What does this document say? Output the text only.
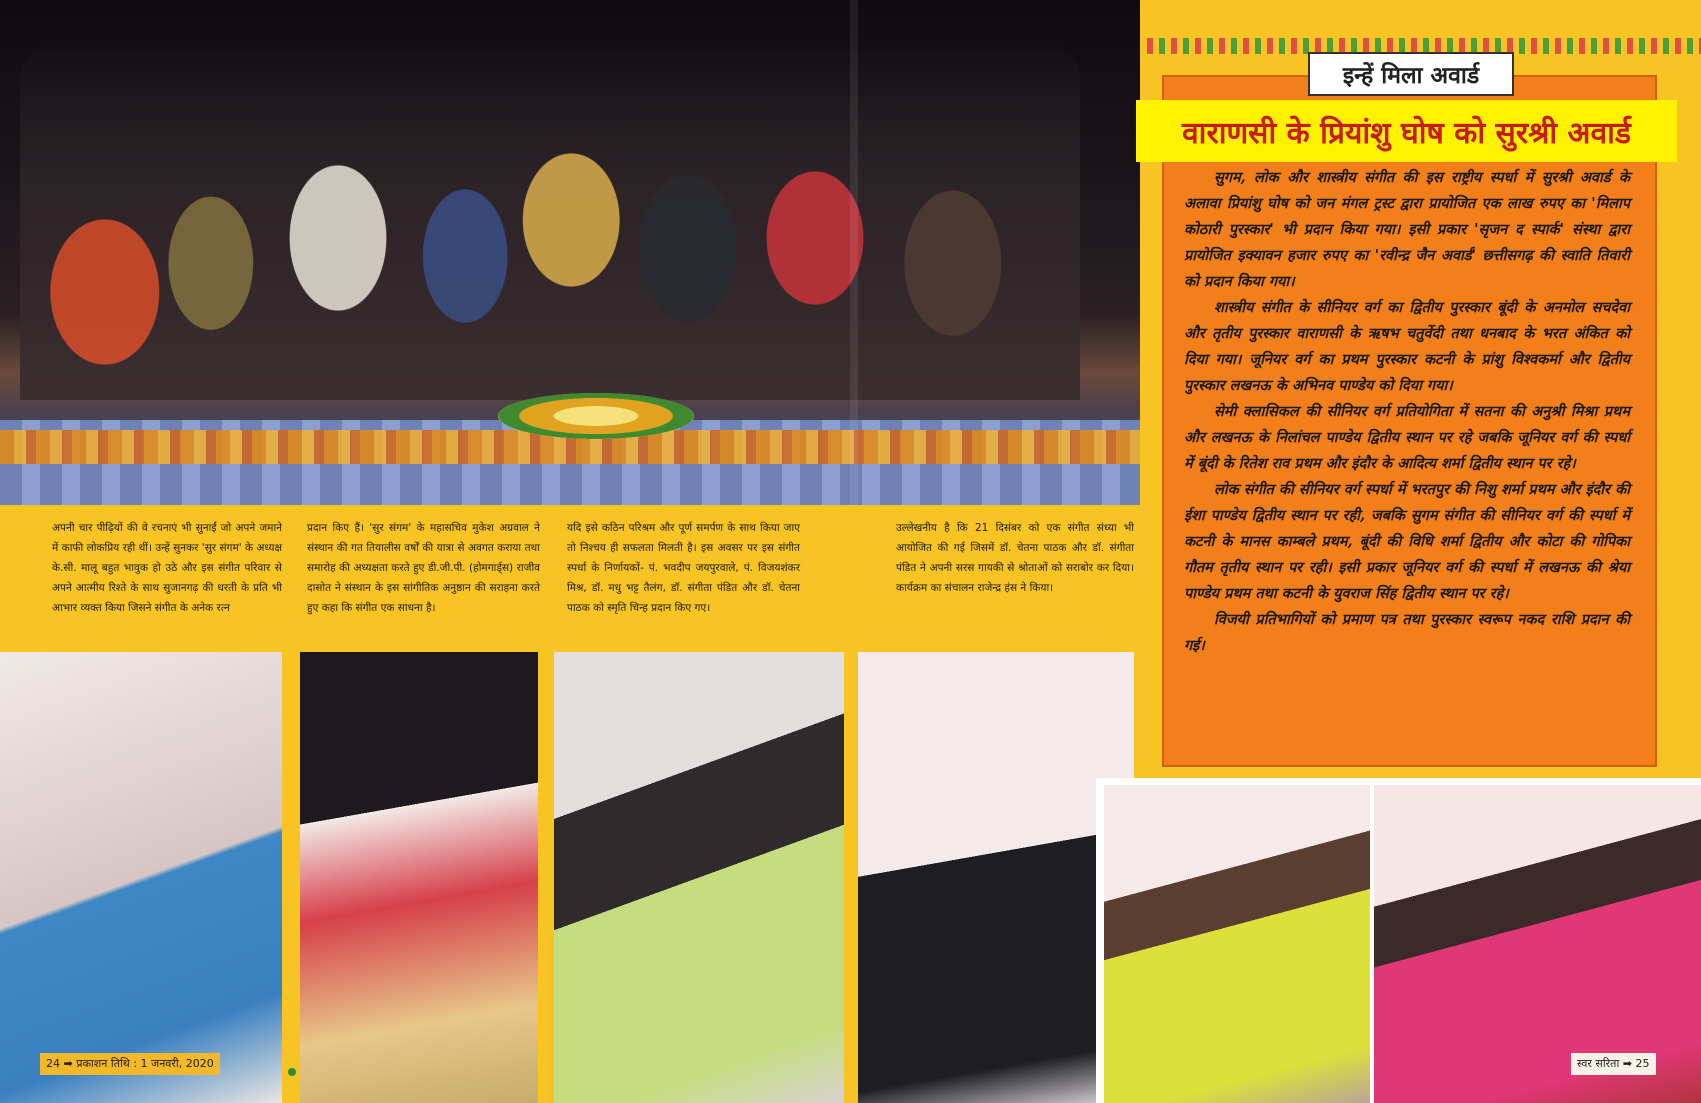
अपनी चार पीढ़ियों की वे रचनाएं भी सुनाईं जो अपने जमाने में काफी लोकप्रिय रही थीं। उन्हें सुनकर 'सुर संगम' के अध्यक्ष के.सी. मालू बहुत भावुक हो उठे और इस संगीत परिवार से अपने आत्मीय रिश्ते के साथ सुजानगढ़ की धरती के प्रति भी आभार व्यक्त किया जिसने संगीत के अनेक रत्न
प्रदान किए हैं। 'सुर संगम' के महासचिव मुकेश अग्रवाल ने संस्थान की गत तियालीस वर्षों की यात्रा से अवगत कराया तथा समारोह की अध्यक्षता करते हुए डी.जी.पी. (होमगार्ड्स) राजीव दासोत ने संस्थान के इस सांगीतिक अनुष्ठान की सराहना करते हुए कहा कि संगीत एक साधना है।
यदि इसे कठिन परिश्रम और पूर्ण समर्पण के साथ किया जाए तो निश्चय ही सफलता मिलती है। इस अवसर पर इस संगीत स्पर्धा के निर्णायकों- पं. भवदीप जयपुरवाले, पं. विजयशंकर मिश्र, डॉ. मधु भट्ट तैलंग, डॉ. संगीता पंडित और डॉ. चेतना पाठक को स्मृति चिन्ह प्रदान किए गए।
उल्लेखनीय है कि 21 दिसंबर को एक संगीत संध्या भी आयोजित की गई जिसमें डॉ. चेतना पाठक और डॉ. संगीता पंडित ने अपनी सरस गायकी से श्रोताओं को सराबोर कर दिया। कार्यक्रम का संचालन राजेन्द्र हंस ने किया।
इन्हें मिला अवार्ड
वाराणसी के प्रियांशु घोष को सुरश्री अवार्ड

सुगम, लोक और शास्त्रीय संगीत की इस राष्ट्रीय स्पर्धा में सुरश्री अवार्ड के अलावा प्रियांशु घोष को जन मंगल ट्रस्ट द्वारा प्रायोजित एक लाख रुपए का 'मिलाप कोठारी पुरस्कार' भी प्रदान किया गया। इसी प्रकार 'सृजन द स्पार्क' संस्था द्वारा प्रायोजित इक्यावन हजार रुपए का 'रवीन्द्र जैन अवार्ड' छत्तीसगढ़ की स्वाति तिवारी को प्रदान किया गया।

शास्त्रीय संगीत के सीनियर वर्ग का द्वितीय पुरस्कार बूंदी के अनमोल सचदेवा और तृतीय पुरस्कार वाराणसी के ऋषभ चतुर्वेदी तथा धनबाद के भरत अंकित को दिया गया। जूनियर वर्ग का प्रथम पुरस्कार कटनी के प्रांशु विश्वकर्मा और द्वितीय पुरस्कार लखनऊ के अभिनव पाण्डेय को दिया गया।

सेमी क्लासिकल की सीनियर वर्ग प्रतियोगिता में सतना की अनुश्री मिश्रा प्रथम और लखनऊ के निलांचल पाण्डेय द्वितीय स्थान पर रहे जबकि जूनियर वर्ग की स्पर्धा में बूंदी के रितेश राव प्रथम और इंदौर के आदित्य शर्मा द्वितीय स्थान पर रहे।

लोक संगीत की सीनियर वर्ग स्पर्धा में भरतपुर की निशु शर्मा प्रथम और इंदौर की ईशा पाण्डेय द्वितीय स्थान पर रही, जबकि सुगम संगीत की सीनियर वर्ग की स्पर्धा में कटनी के मानस काम्बले प्रथम, बूंदी की विधि शर्मा द्वितीय और कोटा की गोपिका गौतम तृतीय स्थान पर रही। इसी प्रकार जूनियर वर्ग की स्पर्धा में लखनऊ की श्रेया पाण्डेय प्रथम तथा कटनी के युवराज सिंह द्वितीय स्थान पर रहे।

विजयी प्रतिभागियों को प्रमाण पत्र तथा पुरस्कार स्वरूप नकद राशि प्रदान की गई।

24 ➡ प्रकाशन तिथि : 1 जनवरी, 2020	स्वर सरिता ➡ 25
